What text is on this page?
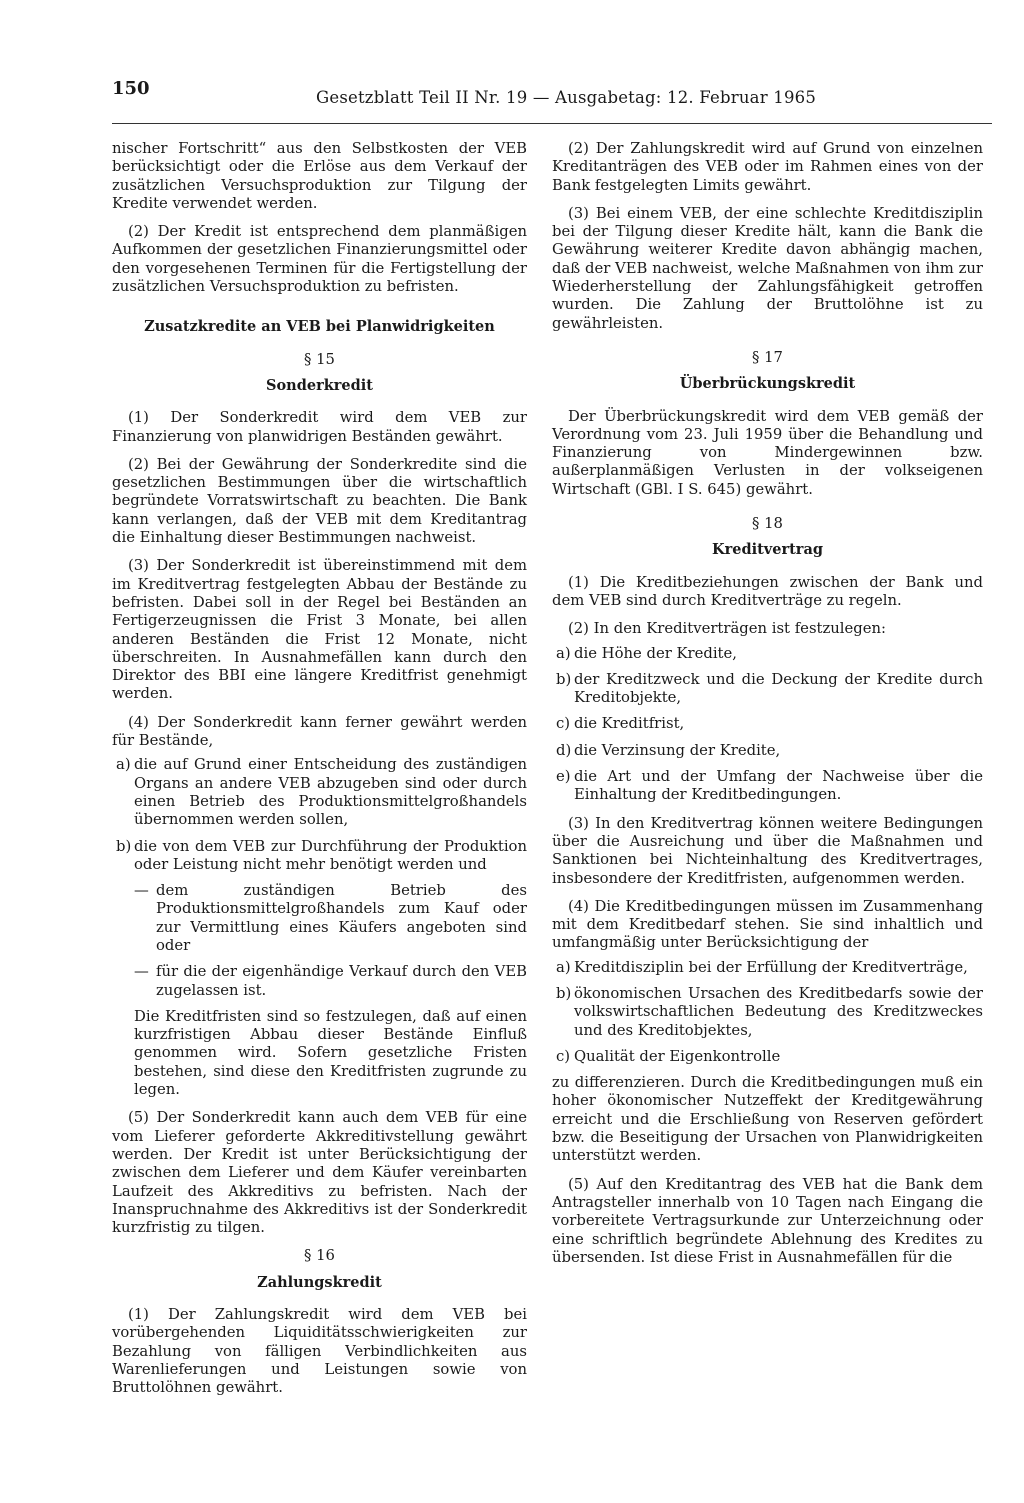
150	Gesetzblatt Teil II Nr. 19 — Ausgabetag: 12. Februar 1965

nischer Fortschritt“ aus den Selbstkosten der VEB berücksichtigt oder die Erlöse aus dem Verkauf der zusätzlichen Versuchsproduktion zur Tilgung der Kredite verwendet werden.

(2) Der Kredit ist entsprechend dem planmäßigen Aufkommen der gesetzlichen Finanzierungsmittel oder den vorgesehenen Terminen für die Fertigstellung der zusätzlichen Versuchsproduktion zu befristen.

Zusatzkredite an VEB bei Planwidrigkeiten
§ 15
Sonderkredit

(1) Der Sonderkredit wird dem VEB zur Finanzierung von planwidrigen Beständen gewährt.

(2) Bei der Gewährung der Sonderkredite sind die gesetzlichen Bestimmungen über die wirtschaftlich begründete Vorratswirtschaft zu beachten. Die Bank kann verlangen, daß der VEB mit dem Kreditantrag die Einhaltung dieser Bestimmungen nachweist.

(3) Der Sonderkredit ist übereinstimmend mit dem im Kreditvertrag festgelegten Abbau der Bestände zu befristen. Dabei soll in der Regel bei Beständen an Fertigerzeugnissen die Frist 3 Monate, bei allen anderen Beständen die Frist 12 Monate, nicht überschreiten. In Ausnahmefällen kann durch den Direktor des BBI eine längere Kreditfrist genehmigt werden.

(4) Der Sonderkredit kann ferner gewährt werden für Bestände,

a) die auf Grund einer Entscheidung des zuständigen Organs an andere VEB abzugeben sind oder durch einen Betrieb des Produktionsmittelgroßhandels übernommen werden sollen,
b) die von dem VEB zur Durchführung der Produktion oder Leistung nicht mehr benötigt werden und
— dem zuständigen Betrieb des Produktionsmittelgroßhandels zum Kauf oder zur Vermittlung eines Käufers angeboten sind oder
— für die der eigenhändige Verkauf durch den VEB zugelassen ist.
Die Kreditfristen sind so festzulegen, daß auf einen kurzfristigen Abbau dieser Bestände Einfluß genommen wird. Sofern gesetzliche Fristen bestehen, sind diese den Kreditfristen zugrunde zu legen.

(5) Der Sonderkredit kann auch dem VEB für eine vom Lieferer geforderte Akkreditivstellung gewährt werden. Der Kredit ist unter Berücksichtigung der zwischen dem Lieferer und dem Käufer vereinbarten Laufzeit des Akkreditivs zu befristen. Nach der Inanspruchnahme des Akkreditivs ist der Sonderkredit kurzfristig zu tilgen.

§ 16
Zahlungskredit

(1) Der Zahlungskredit wird dem VEB bei vorübergehenden Liquiditätsschwierigkeiten zur Bezahlung von fälligen Verbindlichkeiten aus Warenlieferungen und Leistungen sowie von Bruttolöhnen gewährt.

(2) Der Zahlungskredit wird auf Grund von einzelnen Kreditanträgen des VEB oder im Rahmen eines von der Bank festgelegten Limits gewährt.

(3) Bei einem VEB, der eine schlechte Kreditdisziplin bei der Tilgung dieser Kredite hält, kann die Bank die Gewährung weiterer Kredite davon abhängig machen, daß der VEB nachweist, welche Maßnahmen von ihm zur Wiederherstellung der Zahlungsfähigkeit getroffen wurden. Die Zahlung der Bruttolöhne ist zu gewährleisten.

§ 17
Überbrückungskredit

Der Überbrückungskredit wird dem VEB gemäß der Verordnung vom 23. Juli 1959 über die Behandlung und Finanzierung von Mindergewinnen bzw. außerplanmäßigen Verlusten in der volkseigenen Wirtschaft (GBl. I S. 645) gewährt.

§ 18
Kreditvertrag

(1) Die Kreditbeziehungen zwischen der Bank und dem VEB sind durch Kreditverträge zu regeln.

(2) In den Kreditverträgen ist festzulegen:

a) die Höhe der Kredite,
b) der Kreditzweck und die Deckung der Kredite durch Kreditobjekte,
c) die Kreditfrist,
d) die Verzinsung der Kredite,
e) die Art und der Umfang der Nachweise über die Einhaltung der Kreditbedingungen.

(3) In den Kreditvertrag können weitere Bedingungen über die Ausreichung und über die Maßnahmen und Sanktionen bei Nichteinhaltung des Kreditvertrages, insbesondere der Kreditfristen, aufgenommen werden.

(4) Die Kreditbedingungen müssen im Zusammenhang mit dem Kreditbedarf stehen. Sie sind inhaltlich und umfangmäßig unter Berücksichtigung der

a) Kreditdisziplin bei der Erfüllung der Kreditverträge,
b) ökonomischen Ursachen des Kreditbedarfs sowie der volkswirtschaftlichen Bedeutung des Kreditzweckes und des Kreditobjektes,
c) Qualität der Eigenkontrolle

zu differenzieren. Durch die Kreditbedingungen muß ein hoher ökonomischer Nutzeffekt der Kreditgewährung erreicht und die Erschließung von Reserven gefördert bzw. die Beseitigung der Ursachen von Planwidrigkeiten unterstützt werden.

(5) Auf den Kreditantrag des VEB hat die Bank dem Antragsteller innerhalb von 10 Tagen nach Eingang die vorbereitete Vertragsurkunde zur Unterzeichnung oder eine schriftlich begründete Ablehnung des Kredites zu übersenden. Ist diese Frist in Ausnahmefällen für die
